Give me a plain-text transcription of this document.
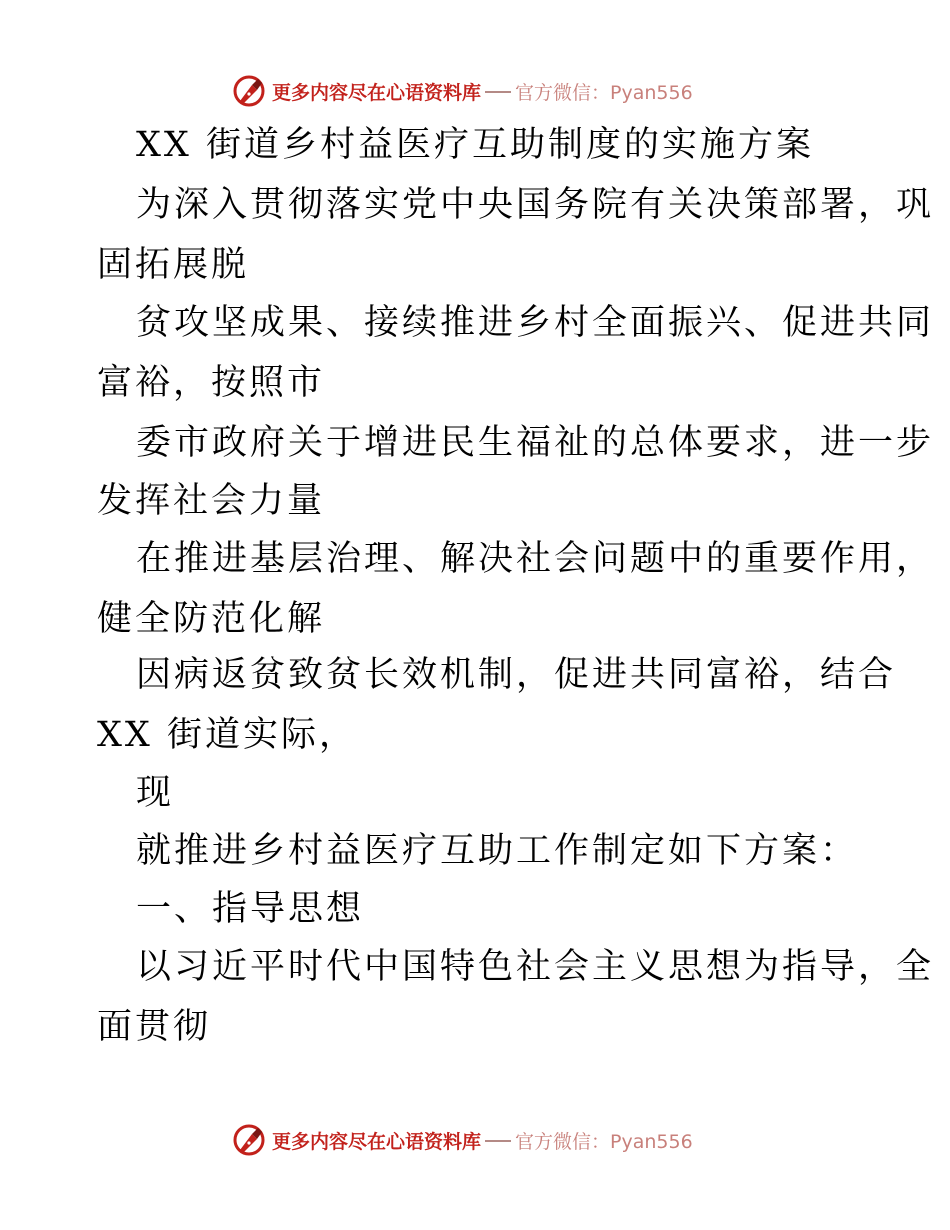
更多内容尽在心语资料库 官方微信：Pyan556
XX 街道乡村益医疗互助制度的实施方案
为深入贯彻落实党中央国务院有关决策部署，巩
固拓展脱
贫攻坚成果、接续推进乡村全面振兴、促进共同
富裕，按照市
委市政府关于增进民生福祉的总体要求，进一步
发挥社会力量
在推进基层治理、解决社会问题中的重要作用，
健全防范化解
因病返贫致贫长效机制，促进共同富裕，结合
XX 街道实际，
现
就推进乡村益医疗互助工作制定如下方案：
一、指导思想
以习近平时代中国特色社会主义思想为指导，全
面贯彻
更多内容尽在心语资料库 官方微信：Pyan556
